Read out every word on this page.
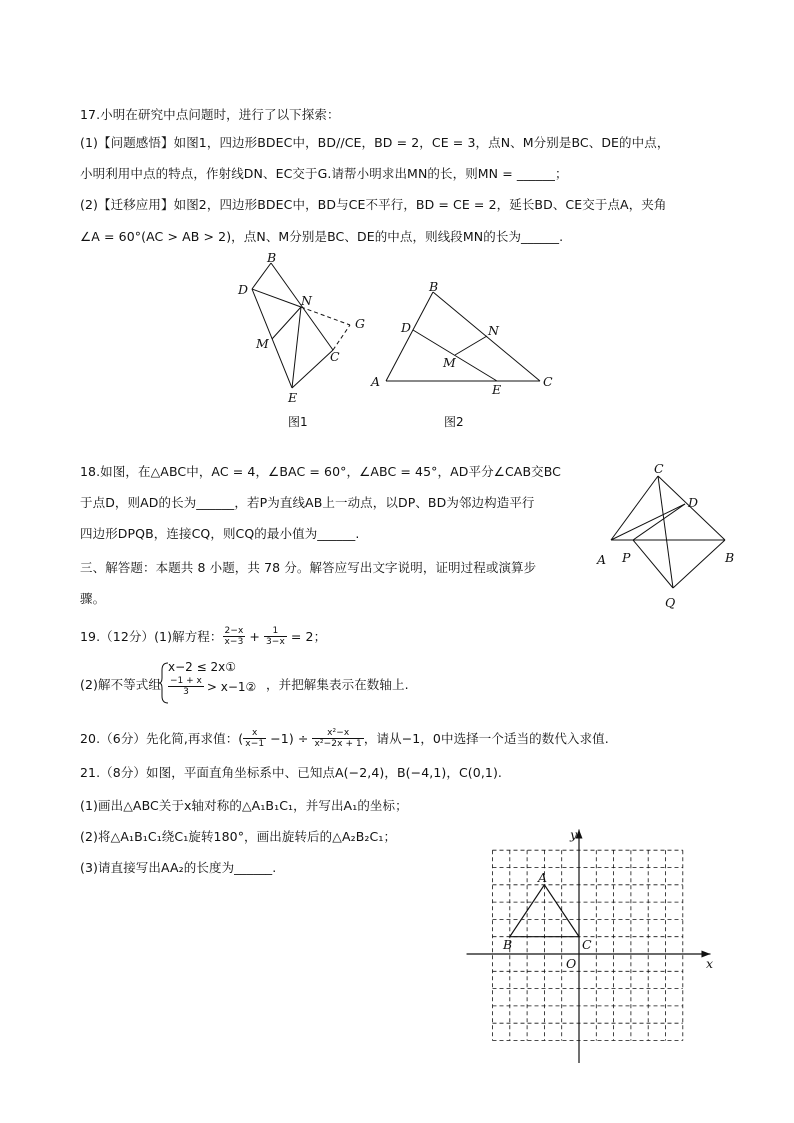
17.小明在研究中点问题时，进行了以下探索：
(1)【问题感悟】如图1，四边形BDEC中，BD//CE，BD = 2，CE = 3，点N、M分别是BC、DE的中点，
小明利用中点的特点，作射线DN、EC交于G.请帮小明求出MN的长，则MN = ______；
(2)【迁移应用】如图2，四边形BDEC中，BD与CE不平行，BD = CE = 2，延长BD、CE交于点A，夹角
∠A = 60°(AC > AB > 2)，点N、M分别是BC、DE的中点，则线段MN的长为______.
B
D
N
G
M
C
E
图1
B
D	N
M
A
E
C
图2
18.如图，在△ABC中，AC = 4，∠BAC = 60°，∠ABC = 45°，AD平分∠CAB交BC
于点D，则AD的长为______，若P为直线AB上一动点，以DP、BD为邻边构造平行
四边形DPQB，连接CQ，则CQ的最小值为______.
C
D
A P	B
Q
三、解答题：本题共 8 小题，共 78 分。解答应写出文字说明，证明过程或演算步
骤。
19.（12分）(1)解方程： $\frac{2-x}{x-3} + \frac{1}{3-x} = 2$；
(2)解不等式组
x−2 ≤ 2x①
$\frac{-1 + x}{3}$ > x−1② ，并把解集表示在数轴上.
20.（6分）先化简,再求值：( $\frac{x}{x-1} -1) \div \frac{\text{x²−x}}{\text{x²−2x + 1}}$ ，请从−1，0中选择一个适当的数代入求值.
21.（8分）如图，平面直角坐标系中、已知点A(−2,4)，B(−4,1)，C(0,1).
(1)画出△ABC关于x轴对称的△A₁B₁C₁，并写出A₁的坐标；
(2)将△A₁B₁C₁绕C₁旋转180°，画出旋转后的△A₂B₂C₁；
(3)请直接写出AA₂的长度为______.
y
x
O
A
B	C
